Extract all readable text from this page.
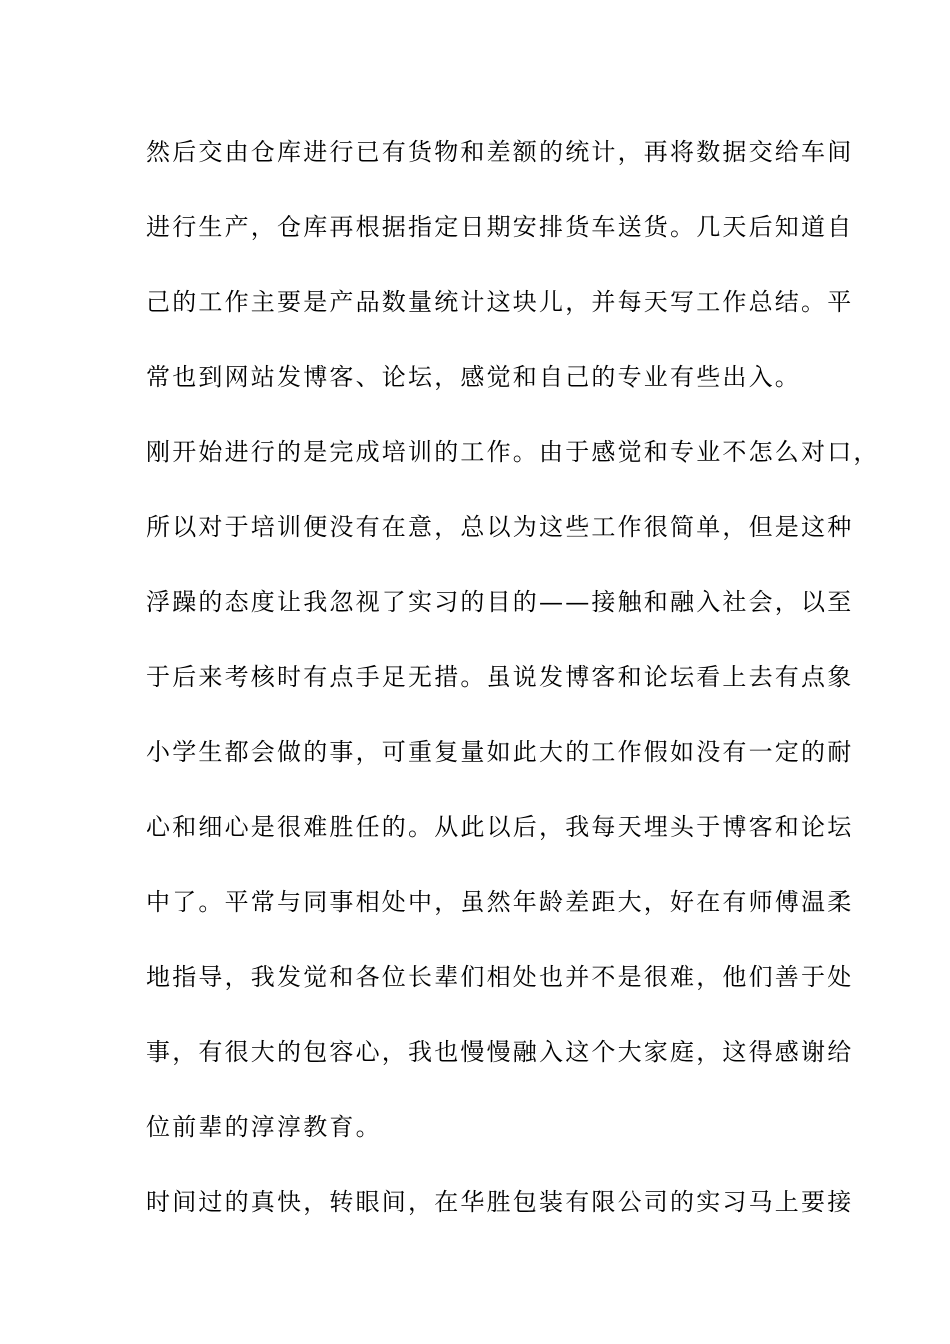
然后交由仓库进行已有货物和差额的统计，再将数据交给车间
进行生产，仓库再根据指定日期安排货车送货。几天后知道自
己的工作主要是产品数量统计这块儿，并每天写工作总结。平
常也到网站发博客、论坛，感觉和自己的专业有些出入。
刚开始进行的是完成培训的工作。由于感觉和专业不怎么对口，
所以对于培训便没有在意，总以为这些工作很简单，但是这种
浮躁的态度让我忽视了实习的目的——接触和融入社会，以至
于后来考核时有点手足无措。虽说发博客和论坛看上去有点象
小学生都会做的事，可重复量如此大的工作假如没有一定的耐
心和细心是很难胜任的。从此以后，我每天埋头于博客和论坛
中了。平常与同事相处中，虽然年龄差距大，好在有师傅温柔
地指导，我发觉和各位长辈们相处也并不是很难，他们善于处
事，有很大的包容心，我也慢慢融入这个大家庭，这得感谢给
位前辈的淳淳教育。
时间过的真快，转眼间，在华胜包装有限公司的实习马上要接
